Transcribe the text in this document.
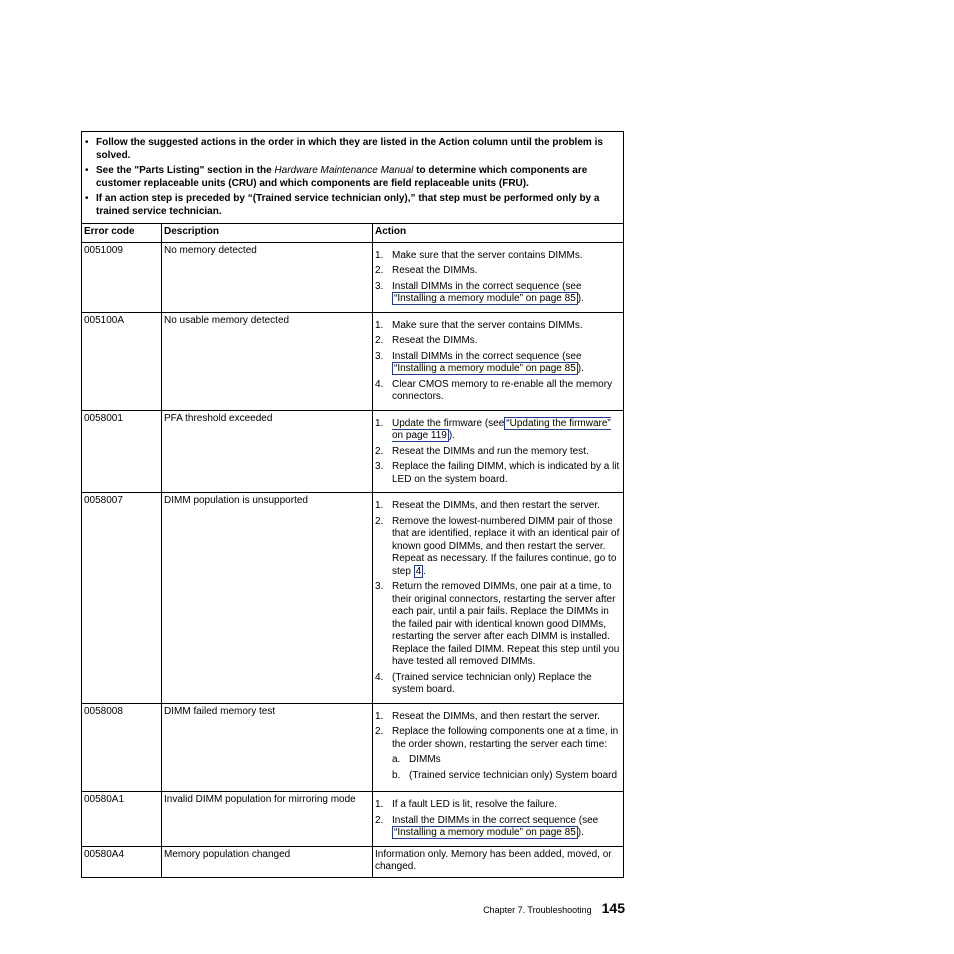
• Follow the suggested actions in the order in which they are listed in the Action column until the problem is solved.
• See the "Parts Listing" section in the Hardware Maintenance Manual to determine which components are customer replaceable units (CRU) and which components are field replaceable units (FRU).
• If an action step is preceded by “(Trained service technician only),” that step must be performed only by a trained service technician.
Error code	Description	Action
0051009	No memory detected	1. Make sure that the server contains DIMMs.
2. Reseat the DIMMs.
3. Install DIMMs in the correct sequence (see “Installing a memory module” on page 85 ).
005100A	No usable memory detected	1. Make sure that the server contains DIMMs.
2. Reseat the DIMMs.
3. Install DIMMs in the correct sequence (see “Installing a memory module” on page 85 ).
4. Clear CMOS memory to re-enable all the memory connectors.
0058001	PFA threshold exceeded	1. Update the firmware (see “Updating the firmware” on page 119 ).
2. Reseat the DIMMs and run the memory test.
3. Replace the failing DIMM, which is indicated by a lit LED on the system board.
0058007	DIMM population is unsupported	1. Reseat the DIMMs, and then restart the server.
2. Remove the lowest-numbered DIMM pair of those that are identified, replace it with an identical pair of known good DIMMs, and then restart the server. Repeat as necessary. If the failures continue, go to step 4 .
3. Return the removed DIMMs, one pair at a time, to their original connectors, restarting the server after each pair, until a pair fails. Replace the DIMMs in the failed pair with identical known good DIMMs, restarting the server after each DIMM is installed. Replace the failed DIMM. Repeat this step until you have tested all removed DIMMs.
4. (Trained service technician only) Replace the system board.
0058008	DIMM failed memory test	1. Reseat the DIMMs, and then restart the server.
2. Replace the following components one at a time, in the order shown, restarting the server each time:
a. DIMMs
b. (Trained service technician only) System board
00580A1	Invalid DIMM population for mirroring mode	1. If a fault LED is lit, resolve the failure.
2. Install the DIMMs in the correct sequence (see “Installing a memory module” on page 85 ).
00580A4	Memory population changed	Information only. Memory has been added, moved, or changed.
Chapter 7. Troubleshooting 145
